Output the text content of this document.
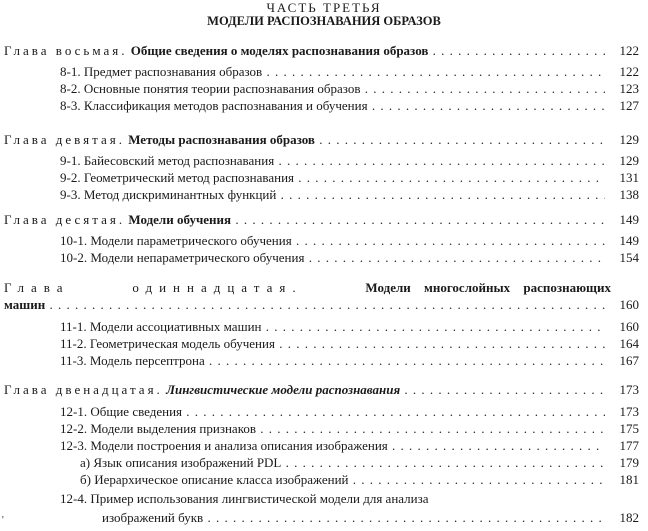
ЧАСТЬ ТРЕТЬЯ
МОДЕЛИ РАСПОЗНАВАНИЯ ОБРАЗОВ
Глава восьмая. Общие сведения о моделях распознавания образов . . .	122
8-1. Предмет распознавания образов . . .	122
8-2. Основные понятия теории распознавания образов . . .	123
8-3. Классификация методов распознавания и обучения . . .	127
Глава девятая. Методы распознавания образов . . .	129
9-1. Байесовский метод распознавания . . .	129
9-2. Геометрический метод распознавания . . .	131
9-3. Метод дискриминантных функций . . .	138
Глава десятая. Модели обучения . . .	149
10-1. Модели параметрического обучения . . .	149
10-2. Модели непараметрического обучения . . .	154
Глава	одиннадцатая.	Модели многослойных распознающих
машин . . .	160
11-1. Модели ассоциативных машин . . .	160
11-2. Геометрическая модель обучения . . .	164
11-3. Модель персептрона . . .	167
Глава двенадцатая. Лингвистические модели распознавания . . .	173
12-1. Общие сведения . . .	173
12-2. Модели выделения признаков . . .	175
12-3. Модели построения и анализа описания изображения . . .	177
а) Язык описания изображений PDL . . .	179
б) Иерархическое описание класса изображений . . .	181
12-4. Пример использования лингвистической модели для анализа
изображений букв . . .	182
'
